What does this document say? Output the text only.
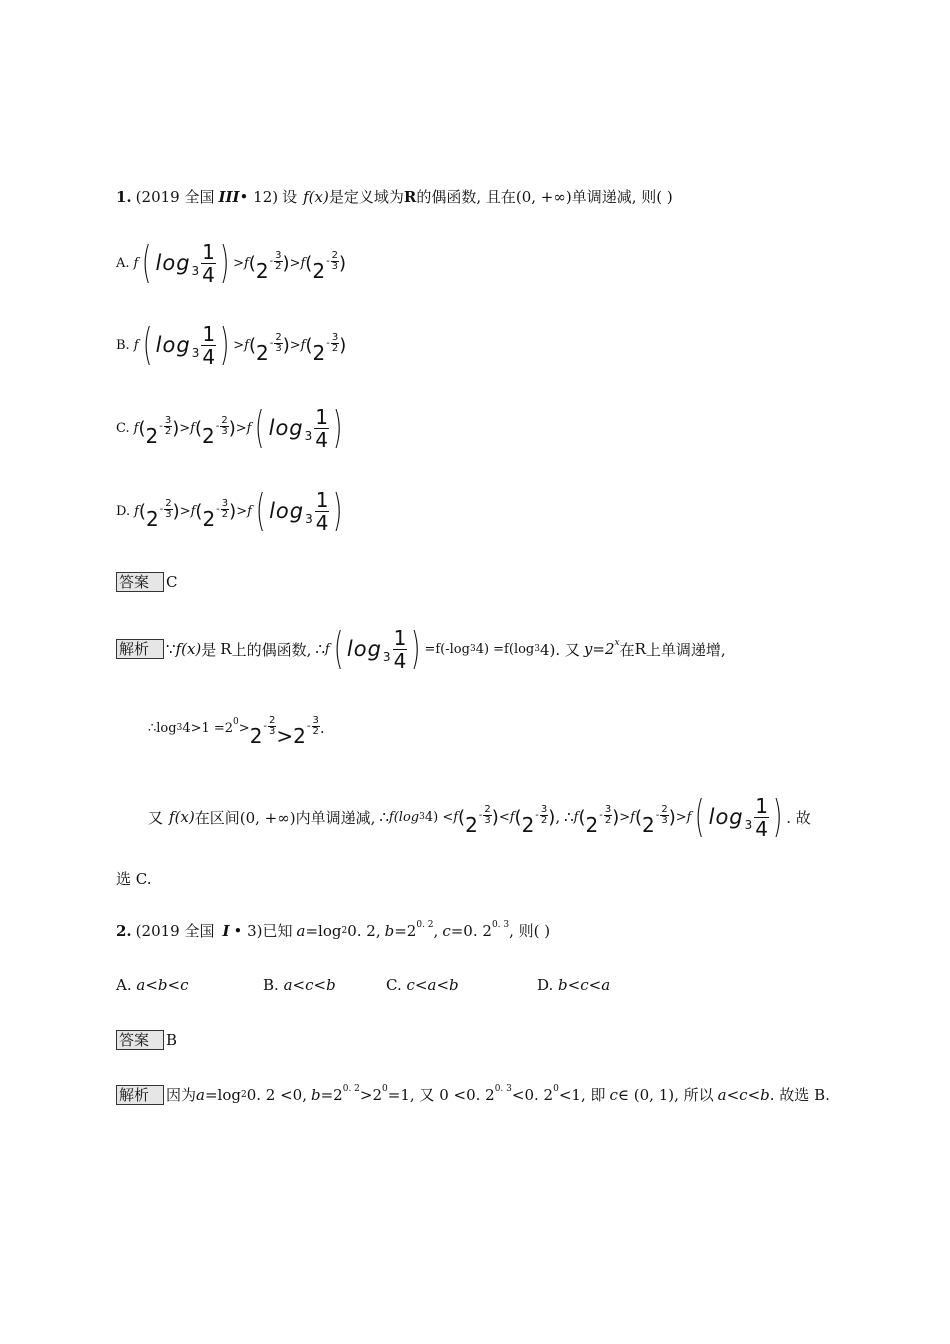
1. (2019 全国 III • 12) 设 f(x) 是定义域为 R 的偶函数, 且在(0, +∞)单调递减, 则( )
A. f ( $\log 3 \frac{1}{4}$ ) > f ( 2 -
3
2 ) > f ( 2 -
2
3 )
B. f ( $\log 3 \frac{1}{4}$ ) > f ( 2 -
2
3 ) > f ( 2 -
3
2 )
C. f ( 2 -
3
2 ) > f ( 2 -
2
3 ) > f ( $\log 3 \frac{1}{4}$ )
D. f ( 2 -
2
3 ) > f ( 2 -
3
2 ) > f ( $\log 3 \frac{1}{4}$ )
答案	C
解析	∵ f(x) 是 R 上的偶函数, ∴ f ( $\log 3 \frac{1}{4}$ ) =f(-log 3 4) =f(log 3 4). 又 $y=2^x$ 在 R 上单调递增,
∴log 3 $4>1 =2^0 > 2$ -
2
3 > 2 -
3
2 .
又 f(x) 在区间(0, +∞)内单调递减, ∴ f(log 3 4) < f ( 2 -
2
3 ) < f ( 2 -
3
2 ) , ∴ f ( 2 -
3
2 ) > f ( 2 -
2
3 ) > f ( $\log 3 \frac{1}{4}$ ) . 故
选 C.
2. (2019 全国 I • 3) 已知 a =log 2 0. 2, $b =2^{0. 2}$ , c =0. $2^{0. 3}$ , 则( )
A. a<b<c	B. a<c<b	C. c<a<b	D. b<c<a
答案	B
解析	因为 a =log 2 0. 2 <0, $b =2^{0. 2} >2^0 =1$, 又 0 <0. $2^{0. 3} <0$. $2^0 <1$, 即 c ∈ (0, 1), 所以 a < c < b . 故选 B.
